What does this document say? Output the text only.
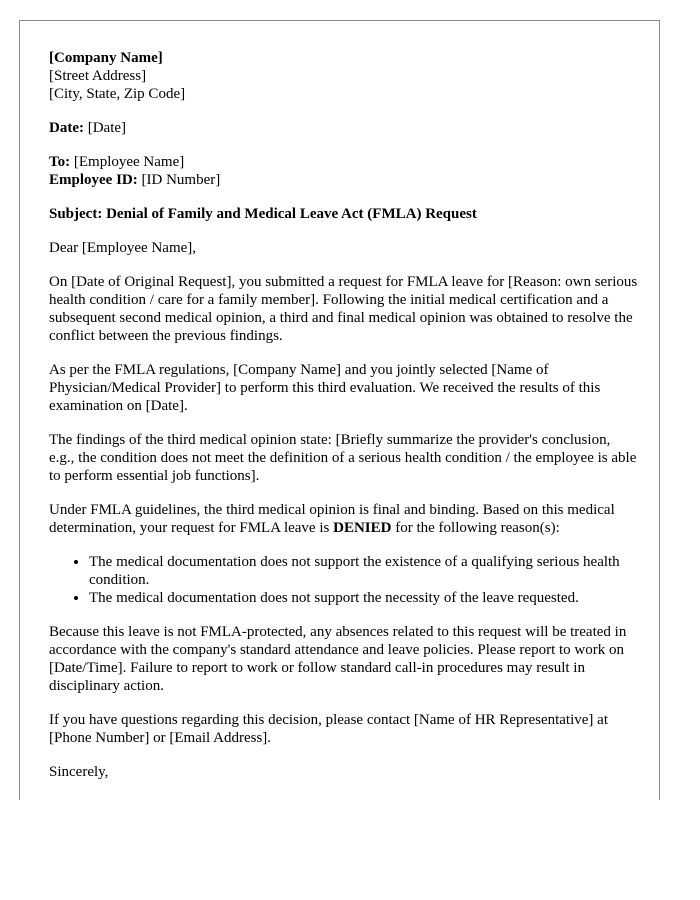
[Company Name]
[Street Address]
[City, State, Zip Code]

Date: [Date]

To: [Employee Name]
Employee ID: [ID Number]

Subject: Denial of Family and Medical Leave Act (FMLA) Request

Dear [Employee Name],

On [Date of Original Request], you submitted a request for FMLA leave for [Reason: own serious health condition / care for a family member]. Following the initial medical certification and a subsequent second medical opinion, a third and final medical opinion was obtained to resolve the conflict between the previous findings.

As per the FMLA regulations, [Company Name] and you jointly selected [Name of Physician/Medical Provider] to perform this third evaluation. We received the results of this examination on [Date].

The findings of the third medical opinion state: [Briefly summarize the provider's conclusion, e.g., the condition does not meet the definition of a serious health condition / the employee is able to perform essential job functions].

Under FMLA guidelines, the third medical opinion is final and binding. Based on this medical determination, your request for FMLA leave is DENIED for the following reason(s):

• The medical documentation does not support the existence of a qualifying serious health condition.
• The medical documentation does not support the necessity of the leave requested.

Because this leave is not FMLA-protected, any absences related to this request will be treated in accordance with the company's standard attendance and leave policies. Please report to work on [Date/Time]. Failure to report to work or follow standard call-in procedures may result in disciplinary action.

If you have questions regarding this decision, please contact [Name of HR Representative] at [Phone Number] or [Email Address].

Sincerely,
